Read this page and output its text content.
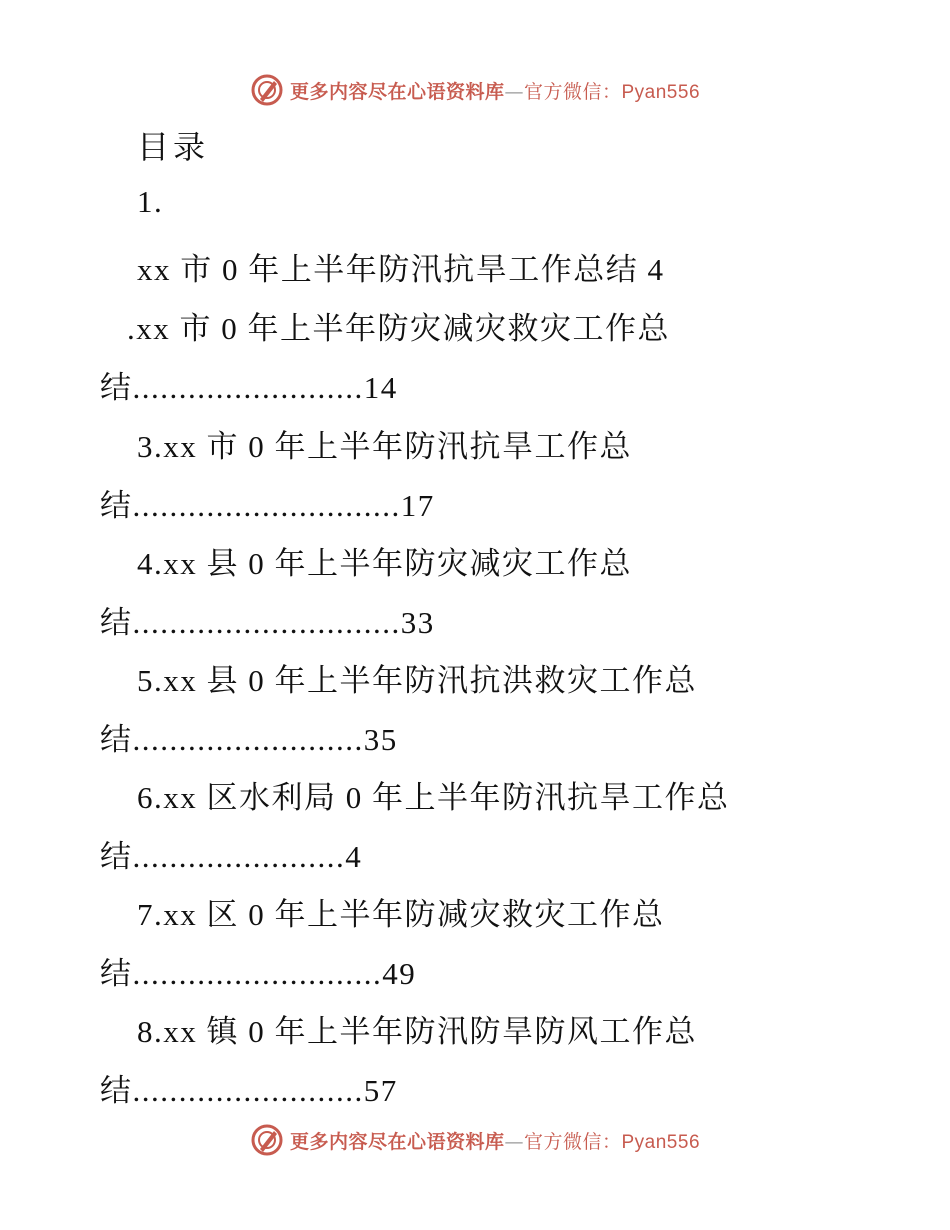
更多内容尽在心语资料库—官方微信：Pyan556
目录
1.
xx 市 0 年上半年防汛抗旱工作总结 4
.xx 市 0 年上半年防灾减灾救灾工作总
结.........................14
3.xx 市 0 年上半年防汛抗旱工作总
结.............................17
4.xx 县 0 年上半年防灾减灾工作总
结.............................33
5.xx 县 0 年上半年防汛抗洪救灾工作总
结.........................35
6.xx 区水利局 0 年上半年防汛抗旱工作总
结.......................4
7.xx 区 0 年上半年防减灾救灾工作总
结...........................49
8.xx 镇 0 年上半年防汛防旱防风工作总
结.........................57
更多内容尽在心语资料库—官方微信：Pyan556
